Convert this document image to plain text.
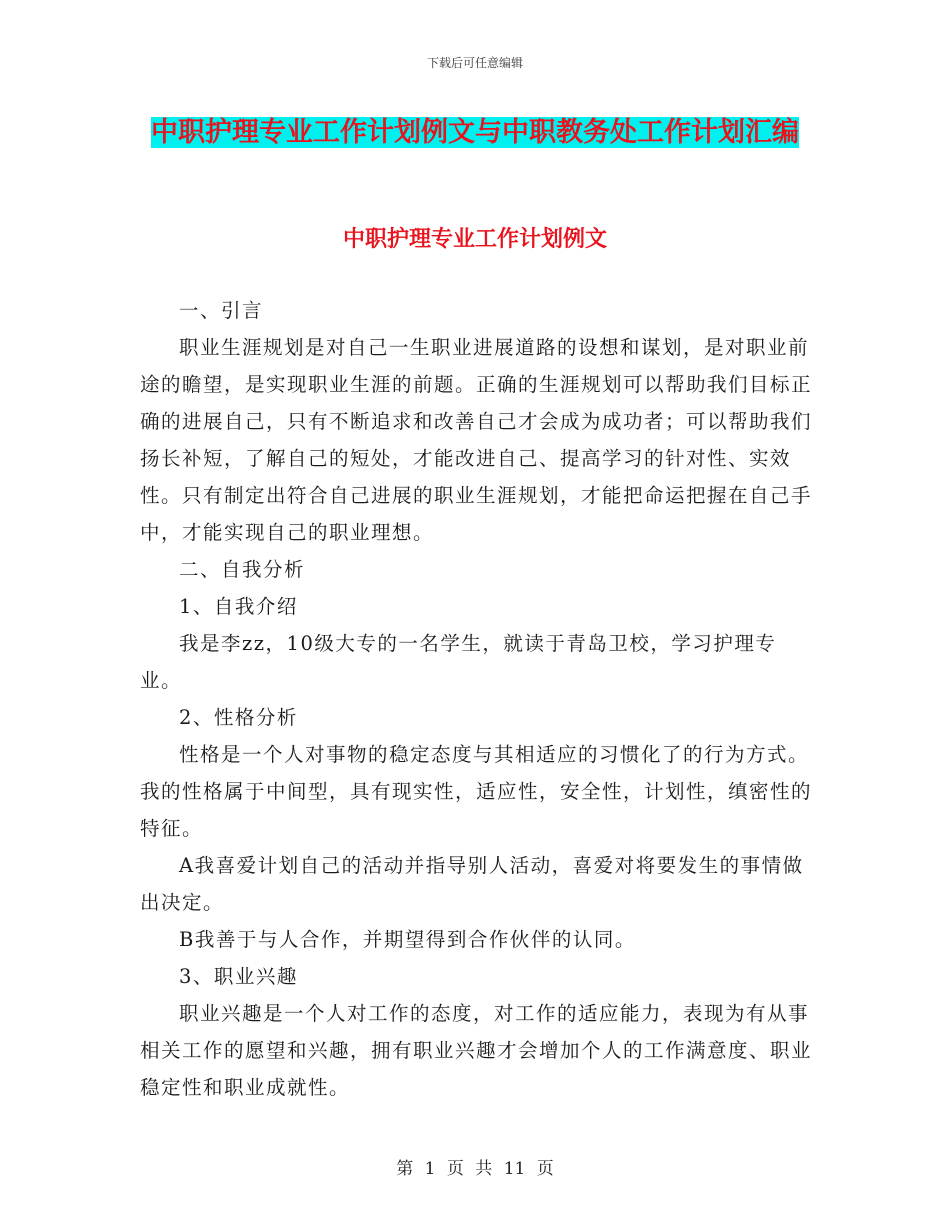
下载后可任意编辑
中职护理专业工作计划例文与中职教务处工作计划汇编
中职护理专业工作计划例文

一、引言

职业生涯规划是对自己一生职业进展道路的设想和谋划，是对职业前途的瞻望，是实现职业生涯的前题。正确的生涯规划可以帮助我们目标正确的进展自己，只有不断追求和改善自己才会成为成功者；可以帮助我们扬长补短，了解自己的短处，才能改进自己、提高学习的针对性、实效性。只有制定出符合自己进展的职业生涯规划，才能把命运把握在自己手中，才能实现自己的职业理想。

二、自我分析

1、自我介绍

我是李zz，10级大专的一名学生，就读于青岛卫校，学习护理专业。

2、性格分析

性格是一个人对事物的稳定态度与其相适应的习惯化了的行为方式。我的性格属于中间型，具有现实性，适应性，安全性，计划性，缜密性的特征。

A我喜爱计划自己的活动并指导别人活动，喜爱对将要发生的事情做出决定。

B我善于与人合作，并期望得到合作伙伴的认同。

3、职业兴趣

职业兴趣是一个人对工作的态度，对工作的适应能力，表现为有从事相关工作的愿望和兴趣，拥有职业兴趣才会增加个人的工作满意度、职业稳定性和职业成就性。

第 1 页 共 11 页
